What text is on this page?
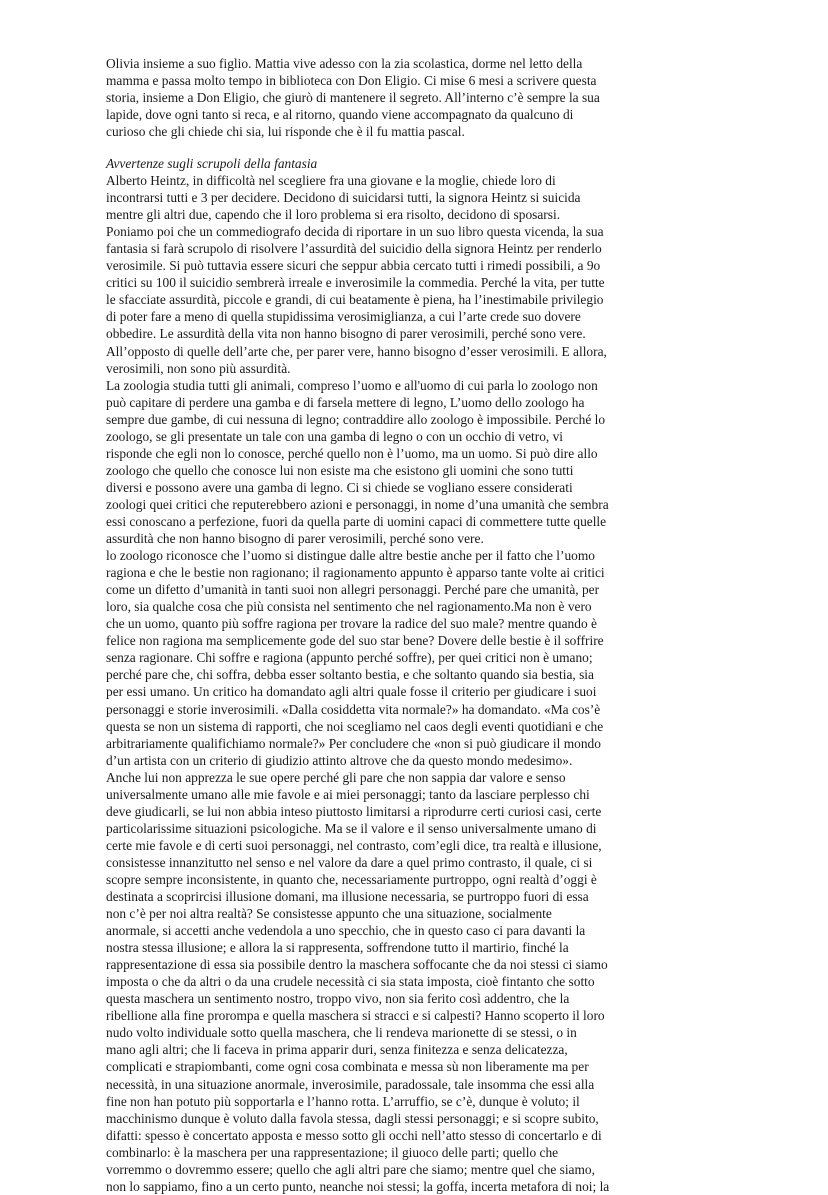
Olivia insieme a suo figlio. Mattia vive adesso con la zia scolastica, dorme nel letto della
mamma e passa molto tempo in biblioteca con Don Eligio. Ci mise 6 mesi a scrivere questa
storia, insieme a Don Eligio, che giurò di mantenere il segreto. All’interno c’è sempre la sua
lapide, dove ogni tanto si reca, e al ritorno, quando viene accompagnato da qualcuno di
curioso che gli chiede chi sia, lui risponde che è il fu mattia pascal.
Avvertenze sugli scrupoli della fantasia
Alberto Heintz, in difficoltà nel scegliere fra una giovane e la moglie, chiede loro di
incontrarsi tutti e 3 per decidere. Decidono di suicidarsi tutti, la signora Heintz si suicida
mentre gli altri due, capendo che il loro problema si era risolto, decidono di sposarsi.
Poniamo poi che un commediografo decida di riportare in un suo libro questa vicenda, la sua
fantasia si farà scrupolo di risolvere l’assurdità del suicidio della signora Heintz per renderlo
verosimile. Si può tuttavia essere sicuri che seppur abbia cercato tutti i rimedi possibili, a 9o
critici su 100 il suicidio sembrerà irreale e inverosimile la commedia. Perché la vita, per tutte
le sfacciate assurdità, piccole e grandi, di cui beatamente è piena, ha l’inestimabile privilegio
di poter fare a meno di quella stupidissima verosimiglianza, a cui l’arte crede suo dovere
obbedire. Le assurdità della vita non hanno bisogno di parer verosimili, perché sono vere.
All’opposto di quelle dell’arte che, per parer vere, hanno bisogno d’esser verosimili. E allora,
verosimili, non sono più assurdità.
La zoologia studia tutti gli animali, compreso l’uomo e all'uomo di cui parla lo zoologo non
può capitare di perdere una gamba e di farsela mettere di legno, L’uomo dello zoologo ha
sempre due gambe, di cui nessuna di legno; contraddire allo zoologo è impossibile. Perché lo
zoologo, se gli presentate un tale con una gamba di legno o con un occhio di vetro, vi
risponde che egli non lo conosce, perché quello non è l’uomo, ma un uomo. Si può dire allo
zoologo che quello che conosce lui non esiste ma che esistono gli uomini che sono tutti
diversi e possono avere una gamba di legno. Ci si chiede se vogliano essere considerati
zoologi quei critici che reputerebbero azioni e personaggi, in nome d’una umanità che sembra
essi conoscano a perfezione, fuori da quella parte di uomini capaci di commettere tutte quelle
assurdità che non hanno bisogno di parer verosimili, perché sono vere.
lo zoologo riconosce che l’uomo si distingue dalle altre bestie anche per il fatto che l’uomo
ragiona e che le bestie non ragionano; il ragionamento appunto è apparso tante volte ai critici
come un difetto d’umanità in tanti suoi non allegri personaggi. Perché pare che umanità, per
loro, sia qualche cosa che più consista nel sentimento che nel ragionamento.Ma non è vero
che un uomo, quanto più soffre ragiona per trovare la radice del suo male? mentre quando è
felice non ragiona ma semplicemente gode del suo star bene? Dovere delle bestie è il soffrire
senza ragionare. Chi soffre e ragiona (appunto perché soffre), per quei critici non è umano;
perché pare che, chi soffra, debba esser soltanto bestia, e che soltanto quando sia bestia, sia
per essi umano. Un critico ha domandato agli altri quale fosse il criterio per giudicare i suoi
personaggi e storie inverosimili. «Dalla cosiddetta vita normale?» ha domandato. «Ma cos’è
questa se non un sistema di rapporti, che noi scegliamo nel caos degli eventi quotidiani e che
arbitrariamente qualifichiamo normale?» Per concludere che «non si può giudicare il mondo
d’un artista con un criterio di giudizio attinto altrove che da questo mondo medesimo».
Anche lui non apprezza le sue opere perché gli pare che non sappia dar valore e senso
universalmente umano alle mie favole e ai miei personaggi; tanto da lasciare perplesso chi
deve giudicarli, se lui non abbia inteso piuttosto limitarsi a riprodurre certi curiosi casi, certe
particolarissime situazioni psicologiche. Ma se il valore e il senso universalmente umano di
certe mie favole e di certi suoi personaggi, nel contrasto, com’egli dice, tra realtà e illusione,
consistesse innanzitutto nel senso e nel valore da dare a quel primo contrasto, il quale, ci si
scopre sempre inconsistente, in quanto che, necessariamente purtroppo, ogni realtà d’oggi è
destinata a scoprircisi illusione domani, ma illusione necessaria, se purtroppo fuori di essa
non c’è per noi altra realtà? Se consistesse appunto che una situazione, socialmente
anormale, si accetti anche vedendola a uno specchio, che in questo caso ci para davanti la
nostra stessa illusione; e allora la si rappresenta, soffrendone tutto il martirio, finché la
rappresentazione di essa sia possibile dentro la maschera soffocante che da noi stessi ci siamo
imposta o che da altri o da una crudele necessità ci sia stata imposta, cioè fintanto che sotto
questa maschera un sentimento nostro, troppo vivo, non sia ferito così addentro, che la
ribellione alla fine prorompa e quella maschera si stracci e si calpesti? Hanno scoperto il loro
nudo volto individuale sotto quella maschera, che li rendeva marionette di se stessi, o in
mano agli altri; che li faceva in prima apparir duri, senza finitezza e senza delicatezza,
complicati e strapiombanti, come ogni cosa combinata e messa sù non liberamente ma per
necessità, in una situazione anormale, inverosimile, paradossale, tale insomma che essi alla
fine non han potuto più sopportarla e l’hanno rotta. L’arruffio, se c’è, dunque è voluto; il
macchinismo dunque è voluto dalla favola stessa, dagli stessi personaggi; e si scopre subito,
difatti: spesso è concertato apposta e messo sotto gli occhi nell’atto stesso di concertarlo e di
combinarlo: è la maschera per una rappresentazione; il giuoco delle parti; quello che
vorremmo o dovremmo essere; quello che agli altri pare che siamo; mentre quel che siamo,
non lo sappiamo, fino a un certo punto, neanche noi stessi; la goffa, incerta metafora di noi; la
